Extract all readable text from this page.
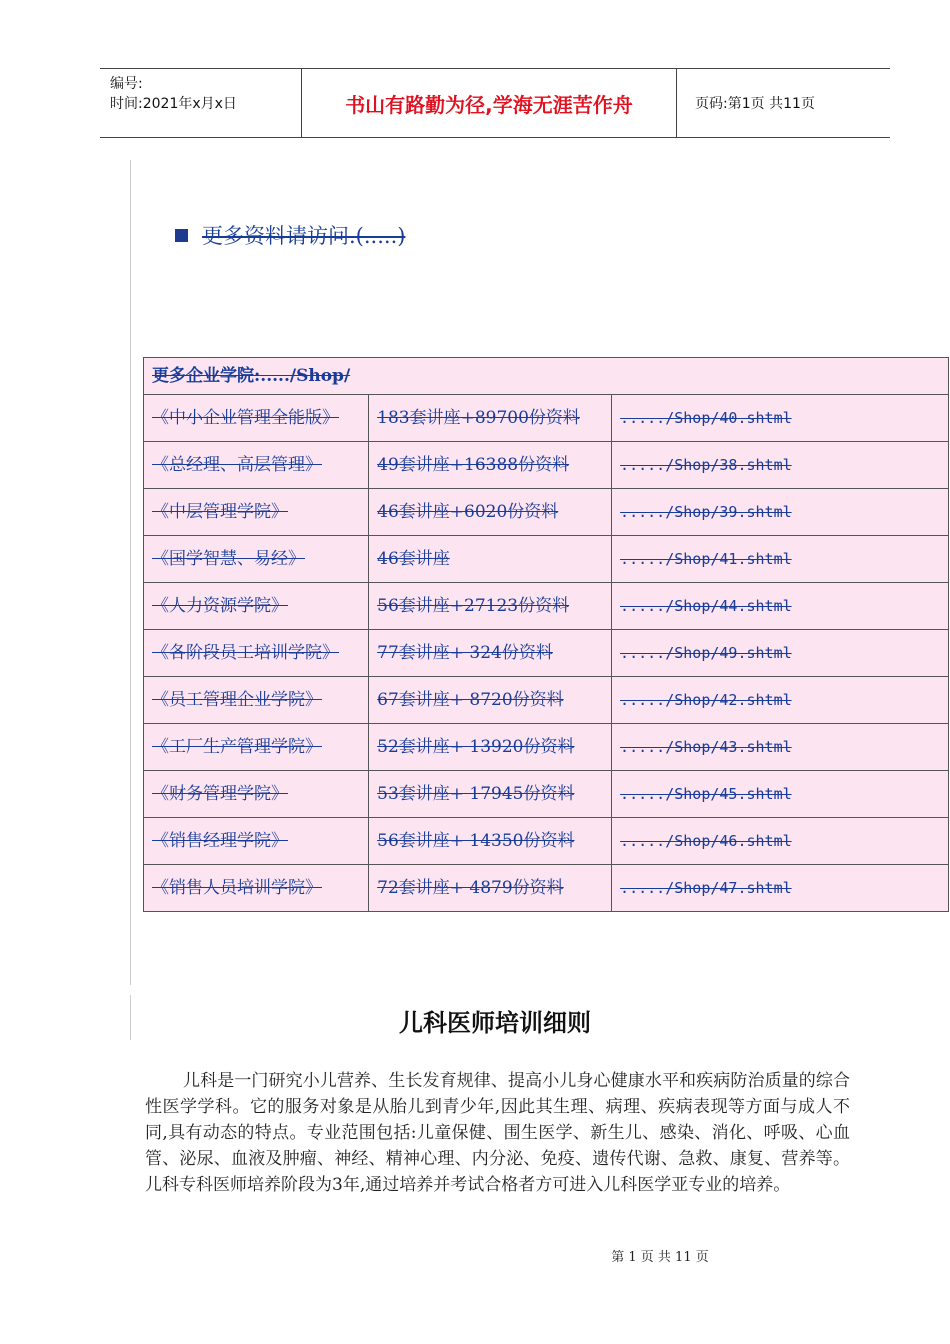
编号:
时间:2021年x月x日	书山有路勤为径,学海无涯苦作舟	页码:第1页 共11页
更多资料请访问.(.....)
更多企业学院:...../Shop/		
《中小企业管理全能版》	183套讲座+89700份资料	...../Shop/40.shtml
《总经理、高层管理》	49套讲座+16388份资料	...../Shop/38.shtml
《中层管理学院》	46套讲座+6020份资料	...../Shop/39.shtml
《国学智慧、易经》	46套讲座	...../Shop/41.shtml
《人力资源学院》	56套讲座+27123份资料	...../Shop/44.shtml
《各阶段员工培训学院》	77套讲座+ 324份资料	...../Shop/49.shtml
《员工管理企业学院》	67套讲座+ 8720份资料	...../Shop/42.shtml
《工厂生产管理学院》	52套讲座+ 13920份资料	...../Shop/43.shtml
《财务管理学院》	53套讲座+ 17945份资料	...../Shop/45.shtml
《销售经理学院》	56套讲座+ 14350份资料	...../Shop/46.shtml
《销售人员培训学院》	72套讲座+ 4879份资料	...../Shop/47.shtml
儿科医师培训细则
儿科是一门研究小儿营养、生长发育规律、提高小儿身心健康水平和疾病防治质量的综合性医学学科。它的服务对象是从胎儿到青少年,因此其生理、病理、疾病表现等方面与成人不同,具有动态的特点。专业范围包括:儿童保健、围生医学、新生儿、感染、消化、呼吸、心血管、泌尿、血液及肿瘤、神经、精神心理、内分泌、免疫、遗传代谢、急救、康复、营养等。儿科专科医师培养阶段为3年,通过培养并考试合格者方可进入儿科医学亚专业的培养。
第 1 页 共 11 页
